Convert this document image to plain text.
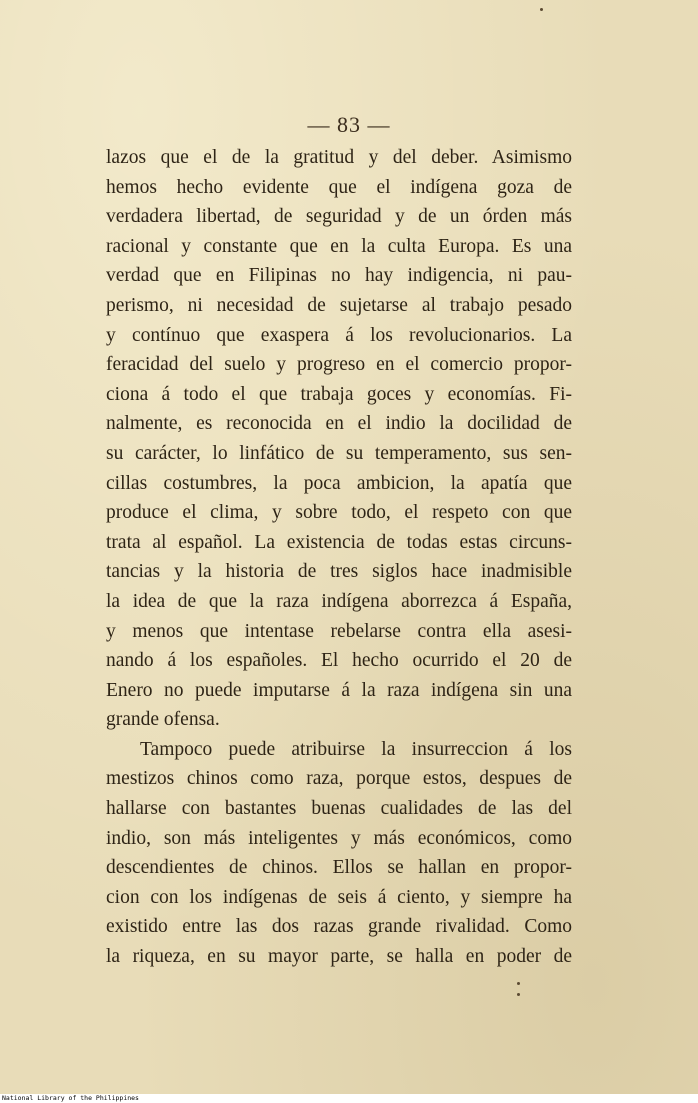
— 83 —
lazos que el de la gratitud y del deber. Asimismo
hemos hecho evidente que el indígena goza de
verdadera libertad, de seguridad y de un órden más
racional y constante que en la culta Europa. Es una
verdad que en Filipinas no hay indigencia, ni pau-
perismo, ni necesidad de sujetarse al trabajo pesado
y contínuo que exaspera á los revolucionarios. La
feracidad del suelo y progreso en el comercio propor-
ciona á todo el que trabaja goces y economías. Fi-
nalmente, es reconocida en el indio la docilidad de
su carácter, lo linfático de su temperamento, sus sen-
cillas costumbres, la poca ambicion, la apatía que
produce el clima, y sobre todo, el respeto con que
trata al español. La existencia de todas estas circuns-
tancias y la historia de tres siglos hace inadmisible
la idea de que la raza indígena aborrezca á España,
y menos que intentase rebelarse contra ella asesi-
nando á los españoles. El hecho ocurrido el 20 de
Enero no puede imputarse á la raza indígena sin una
grande ofensa.
Tampoco puede atribuirse la insurreccion á los
mestizos chinos como raza, porque estos, despues de
hallarse con bastantes buenas cualidades de las del
indio, son más inteligentes y más económicos, como
descendientes de chinos. Ellos se hallan en propor-
cion con los indígenas de seis á ciento, y siempre ha
existido entre las dos razas grande rivalidad. Como
la riqueza, en su mayor parte, se halla en poder de
National Library of the Philippines
